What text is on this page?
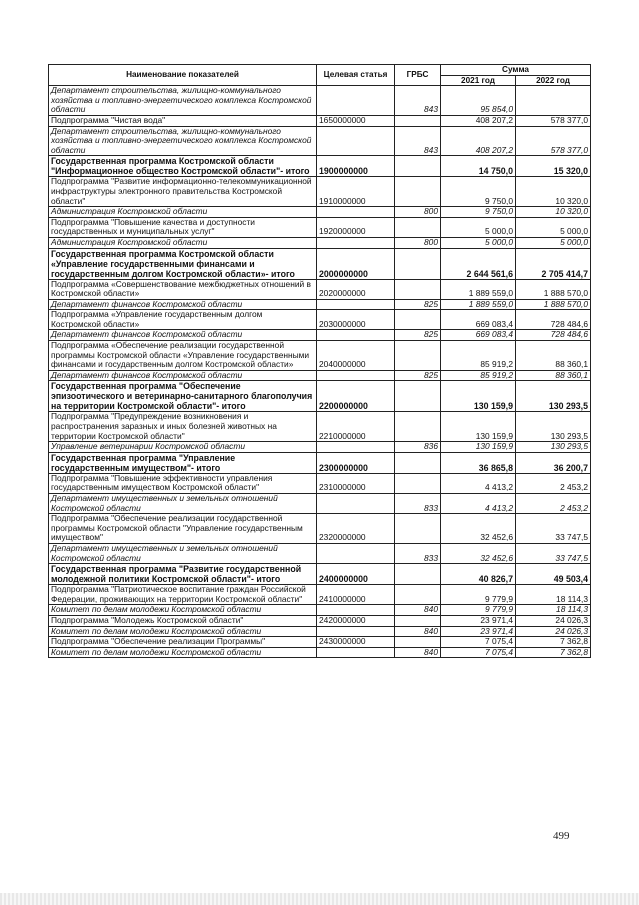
Наименование показателей	Целевая статья	ГРБС	Сумма	
			2021 год	2022 год
Департамент строительства, жилищно-коммунального хозяйства и топливно-энергетического комплекса Костромской области		843	95 854,0	
Подпрограмма "Чистая вода"	1650000000		408 207,2	578 377,0
Департамент строительства, жилищно-коммунального хозяйства и топливно-энергетического комплекса Костромской области		843	408 207,2	578 377,0
Государственная программа Костромской области "Информационное общество Костромской области"- итого	1900000000		14 750,0	15 320,0
Подпрограмма "Развитие информационно-телекоммуникационной инфраструктуры электронного правительства Костромской области"	1910000000		9 750,0	10 320,0
Администрация Костромской области		800	9 750,0	10 320,0
Подпрограмма "Повышение качества и доступности государственных и муниципальных услуг"	1920000000		5 000,0	5 000,0
Администрация Костромской области		800	5 000,0	5 000,0
Государственная программа Костромской области «Управление государственными финансами и государственным долгом Костромской области»- итого	2000000000		2 644 561,6	2 705 414,7
Подпрограмма «Совершенствование межбюджетных отношений в Костромской области»	2020000000		1 889 559,0	1 888 570,0
Департамент финансов Костромской области		825	1 889 559,0	1 888 570,0
Подпрограмма «Управление государственным долгом Костромской области»	2030000000		669 083,4	728 484,6
Департамент финансов Костромской области		825	669 083,4	728 484,6
Подпрограмма «Обеспечение реализации государственной программы Костромской области «Управление государственными финансами и государственным долгом Костромской области»	2040000000		85 919,2	88 360,1
Департамент финансов Костромской области		825	85 919,2	88 360,1
Государственная программа "Обеспечение эпизоотического и ветеринарно-санитарного благополучия на территории Костромской области"- итого	2200000000		130 159,9	130 293,5
Подпрограмма "Предупреждение возникновения и распространения заразных и иных болезней животных на территории Костромской области"	2210000000		130 159,9	130 293,5
Управление ветеринарии Костромской области		836	130 159,9	130 293,5
Государственная программа "Управление государственным имуществом"- итого	2300000000		36 865,8	36 200,7
Подпрограмма "Повышение эффективности управления государственным имуществом Костромской области"	2310000000		4 413,2	2 453,2
Департамент имущественных и земельных отношений Костромской области		833	4 413,2	2 453,2
Подпрограмма "Обеспечение реализации государственной программы Костромской области "Управление государственным имуществом"	2320000000		32 452,6	33 747,5
Департамент имущественных и земельных отношений Костромской области		833	32 452,6	33 747,5
Государственная программа "Развитие государственной молодежной политики Костромской области"- итого	2400000000		40 826,7	49 503,4
Подпрограмма "Патриотическое воспитание граждан Российской Федерации, проживающих на территории Костромской области"	2410000000		9 779,9	18 114,3
Комитет по делам молодежи Костромской области		840	9 779,9	18 114,3
Подпрограмма "Молодежь Костромской области"	2420000000		23 971,4	24 026,3
Комитет по делам молодежи Костромской области		840	23 971,4	24 026,3
Подпрограмма "Обеспечение реализации Программы"	2430000000		7 075,4	7 362,8
Комитет по делам молодежи Костромской области		840	7 075,4	7 362,8
499
